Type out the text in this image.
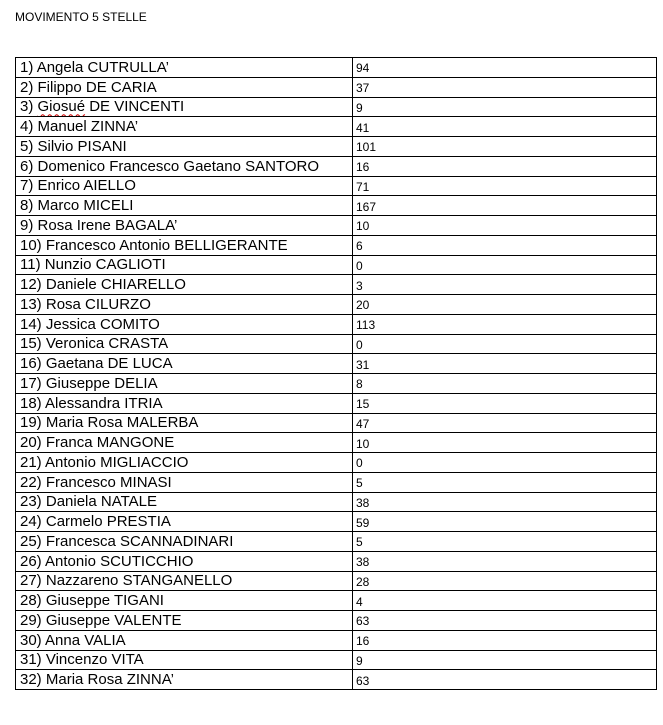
MOVIMENTO 5 STELLE
1) Angela CUTRULLA’	94
2) Filippo DE CARIA	37
3) Giosué DE VINCENTI	9
4) Manuel ZINNA’	41
5) Silvio PISANI	101
6) Domenico Francesco Gaetano SANTORO	16
7) Enrico AIELLO	71
8) Marco MICELI	167
9) Rosa Irene BAGALA’	10
10) Francesco Antonio BELLIGERANTE	6
11) Nunzio CAGLIOTI	0
12) Daniele CHIARELLO	3
13) Rosa CILURZO	20
14) Jessica COMITO	113
15) Veronica CRASTA	0
16) Gaetana DE LUCA	31
17) Giuseppe DELIA	8
18) Alessandra ITRIA	15
19) Maria Rosa MALERBA	47
20) Franca MANGONE	10
21) Antonio MIGLIACCIO	0
22) Francesco MINASI	5
23) Daniela NATALE	38
24) Carmelo PRESTIA	59
25) Francesca SCANNADINARI	5
26) Antonio SCUTICCHIO	38
27) Nazzareno STANGANELLO	28
28) Giuseppe TIGANI	4
29) Giuseppe VALENTE	63
30) Anna VALIA	16
31) Vincenzo VITA	9
32) Maria Rosa ZINNA’	63
